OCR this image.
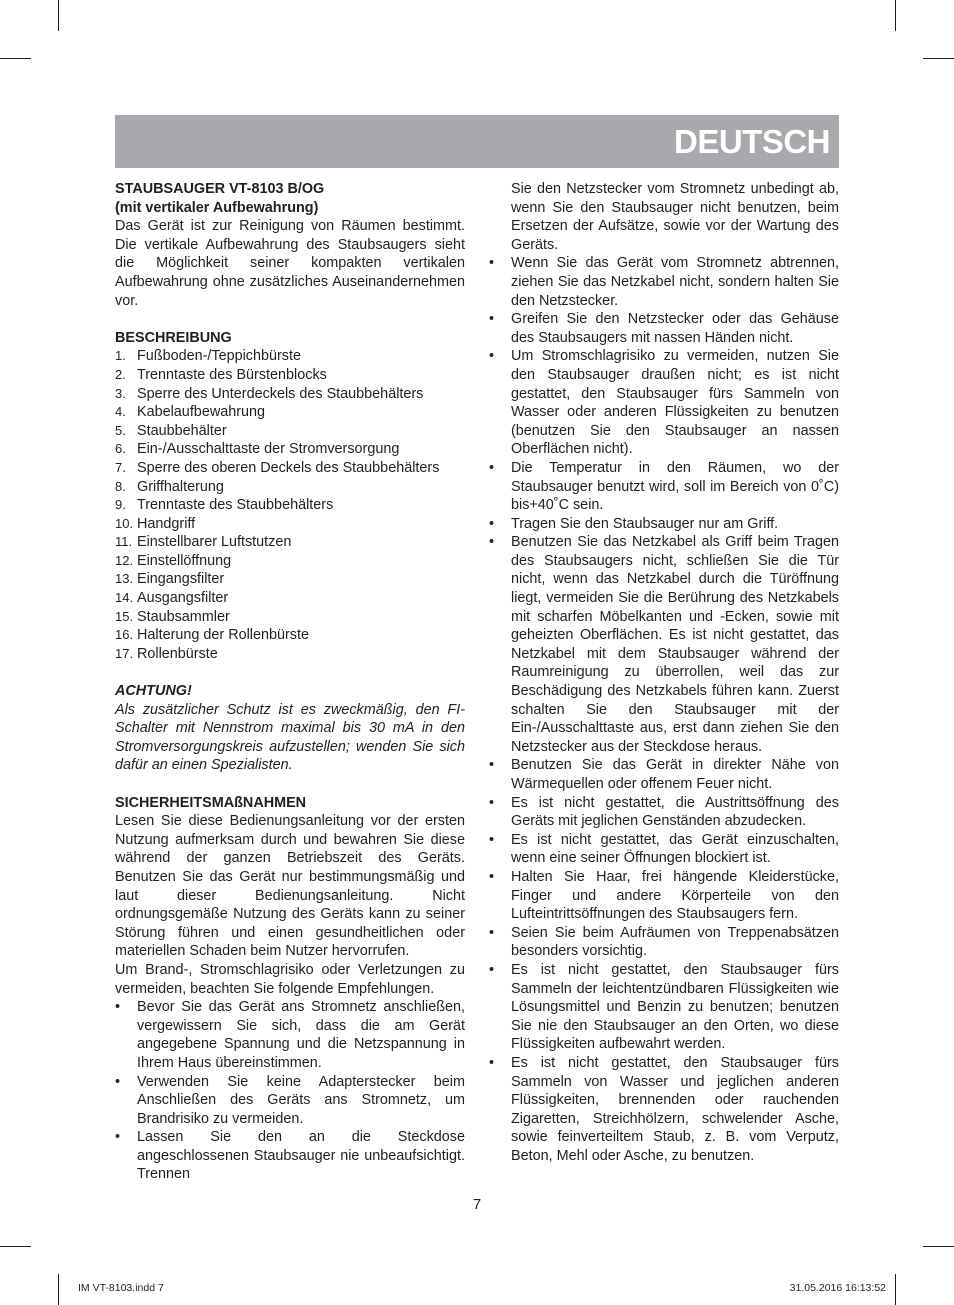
DEUTSCH
STAUBSAUGER VT-8103 B/OG
(mit vertikaler Aufbewahrung)

Das Gerät ist zur Reinigung von Räumen bestimmt. Die vertikale Aufbewahrung des Staubsaugers sieht die Möglichkeit seiner kompakten vertikalen Aufbewahrung ohne zusätzliches Auseinandernehmen vor.

BESCHREIBUNG
1. Fußboden-/Teppichbürste
2. Trenntaste des Bürstenblocks
3. Sperre des Unterdeckels des Staubbehälters
4. Kabelaufbewahrung
5. Staubbehälter
6. Ein-/Ausschalttaste der Stromversorgung
7. Sperre des oberen Deckels des Staubbehälters
8. Griffhalterung
9. Trenntaste des Staubbehälters
10. Handgriff
11. Einstellbarer Luftstutzen
12. Einstellöffnung
13. Eingangsfilter
14. Ausgangsfilter
15. Staubsammler
16. Halterung der Rollenbürste
17. Rollenbürste
ACHTUNG!

Als zusätzlicher Schutz ist es zweckmäßig, den FI-Schalter mit Nennstrom maximal bis 30 mA in den Stromversorgungskreis aufzustellen; wenden Sie sich dafür an einen Spezialisten.

SICHERHEITSMAßNAHMEN

Lesen Sie diese Bedienungsanleitung vor der ersten Nutzung aufmerksam durch und bewahren Sie diese während der ganzen Betriebszeit des Geräts. Benutzen Sie das Gerät nur bestimmungsmäßig und laut dieser Bedienungsanleitung. Nicht ordnungsgemäße Nutzung des Geräts kann zu seiner Störung führen und einen gesundheitlichen oder materiellen Schaden beim Nutzer hervorrufen.

Um Brand-, Stromschlagrisiko oder Verletzungen zu vermeiden, beachten Sie folgende Empfehlungen.

• Bevor Sie das Gerät ans Stromnetz anschließen, vergewissern Sie sich, dass die am Gerät angegebene Spannung und die Netzspannung in Ihrem Haus übereinstimmen.
• Verwenden Sie keine Adapterstecker beim Anschließen des Geräts ans Stromnetz, um Brandrisiko zu vermeiden.
• Lassen Sie den an die Steckdose angeschlossenen Staubsauger nie unbeaufsichtigt. Trennen

Sie den Netzstecker vom Stromnetz unbedingt ab, wenn Sie den Staubsauger nicht benutzen, beim Ersetzen der Aufsätze, sowie vor der Wartung des Geräts.

• Wenn Sie das Gerät vom Stromnetz abtrennen, ziehen Sie das Netzkabel nicht, sondern halten Sie den Netzstecker.
• Greifen Sie den Netzstecker oder das Gehäuse des Staubsaugers mit nassen Händen nicht.
• Um Stromschlagrisiko zu vermeiden, nutzen Sie den Staubsauger draußen nicht; es ist nicht gestattet, den Staubsauger fürs Sammeln von Wasser oder anderen Flüssigkeiten zu benutzen (benutzen Sie den Staubsauger an nassen Oberflächen nicht).
• Die Temperatur in den Räumen, wo der Staubsauger benutzt wird, soll im Bereich von 0˚C) bis+40˚C sein.
• Tragen Sie den Staubsauger nur am Griff.
• Benutzen Sie das Netzkabel als Griff beim Tragen des Staubsaugers nicht, schließen Sie die Tür nicht, wenn das Netzkabel durch die Türöffnung liegt, vermeiden Sie die Berührung des Netzkabels mit scharfen Möbelkanten und -Ecken, sowie mit geheizten Oberflächen. Es ist nicht gestattet, das Netzkabel mit dem Staubsauger während der Raumreinigung zu überrollen, weil das zur Beschädigung des Netzkabels führen kann. Zuerst schalten Sie den Staubsauger mit der Ein-/Ausschalttaste aus, erst dann ziehen Sie den Netzstecker aus der Steckdose heraus.
• Benutzen Sie das Gerät in direkter Nähe von Wärmequellen oder offenem Feuer nicht.
• Es ist nicht gestattet, die Austrittsöffnung des Geräts mit jeglichen Genständen abzudecken.
• Es ist nicht gestattet, das Gerät einzuschalten, wenn eine seiner Öffnungen blockiert ist.
• Halten Sie Haar, frei hängende Kleiderstücke, Finger und andere Körperteile von den Lufteintrittsöffnungen des Staubsaugers fern.
• Seien Sie beim Aufräumen von Treppenabsätzen besonders vorsichtig.
• Es ist nicht gestattet, den Staubsauger fürs Sammeln der leichtentzündbaren Flüssigkeiten wie Lösungsmittel und Benzin zu benutzen; benutzen Sie nie den Staubsauger an den Orten, wo diese Flüssigkeiten aufbewahrt werden.
• Es ist nicht gestattet, den Staubsauger fürs Sammeln von Wasser und jeglichen anderen Flüssigkeiten, brennenden oder rauchenden Zigaretten, Streichhölzern, schwelender Asche, sowie feinverteiltem Staub, z. B. vom Verputz, Beton, Mehl oder Asche, zu benutzen.
7
IM VT-8103.indd 7	31.05.2016 16:13:52
